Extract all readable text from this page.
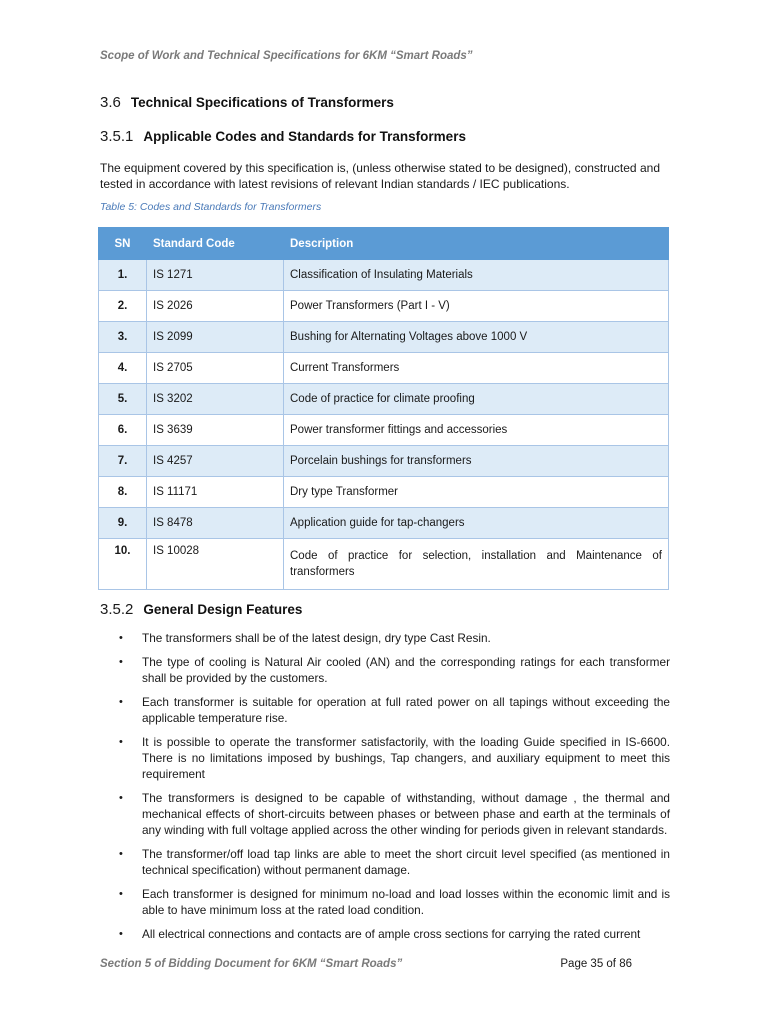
Scope of Work and Technical Specifications for 6KM “Smart Roads”
3.6 Technical Specifications of Transformers
3.5.1 Applicable Codes and Standards for Transformers

The equipment covered by this specification is, (unless otherwise stated to be designed), constructed and tested in accordance with latest revisions of relevant Indian standards / IEC publications.

Table 5: Codes and Standards for Transformers
SN	Standard Code	Description
1.	IS 1271	Classification of Insulating Materials
2.	IS 2026	Power Transformers (Part I - V)
3.	IS 2099	Bushing for Alternating Voltages above 1000 V
4.	IS 2705	Current Transformers
5.	IS 3202	Code of practice for climate proofing
6.	IS 3639	Power transformer fittings and accessories
7.	IS 4257	Porcelain bushings for transformers
8.	IS 11171	Dry type Transformer
9.	IS 8478	Application guide for tap-changers
10.	IS 10028	Code of practice for selection, installation and Maintenance of transformers
3.5.2 General Design Features
• The transformers shall be of the latest design, dry type Cast Resin.
• The type of cooling is Natural Air cooled (AN) and the corresponding ratings for each transformer shall be provided by the customers.
• Each transformer is suitable for operation at full rated power on all tapings without exceeding the applicable temperature rise.
• It is possible to operate the transformer satisfactorily, with the loading Guide specified in IS-6600. There is no limitations imposed by bushings, Tap changers, and auxiliary equipment to meet this requirement
• The transformers is designed to be capable of withstanding, without damage , the thermal and mechanical effects of short-circuits between phases or between phase and earth at the terminals of any winding with full voltage applied across the other winding for periods given in relevant standards.
• The transformer/off load tap links are able to meet the short circuit level specified (as mentioned in technical specification) without permanent damage.
• Each transformer is designed for minimum no-load and load losses within the economic limit and is able to have minimum loss at the rated load condition.
• All electrical connections and contacts are of ample cross sections for carrying the rated current
Section 5 of Bidding Document for 6KM “Smart Roads”	Page 35 of 86
